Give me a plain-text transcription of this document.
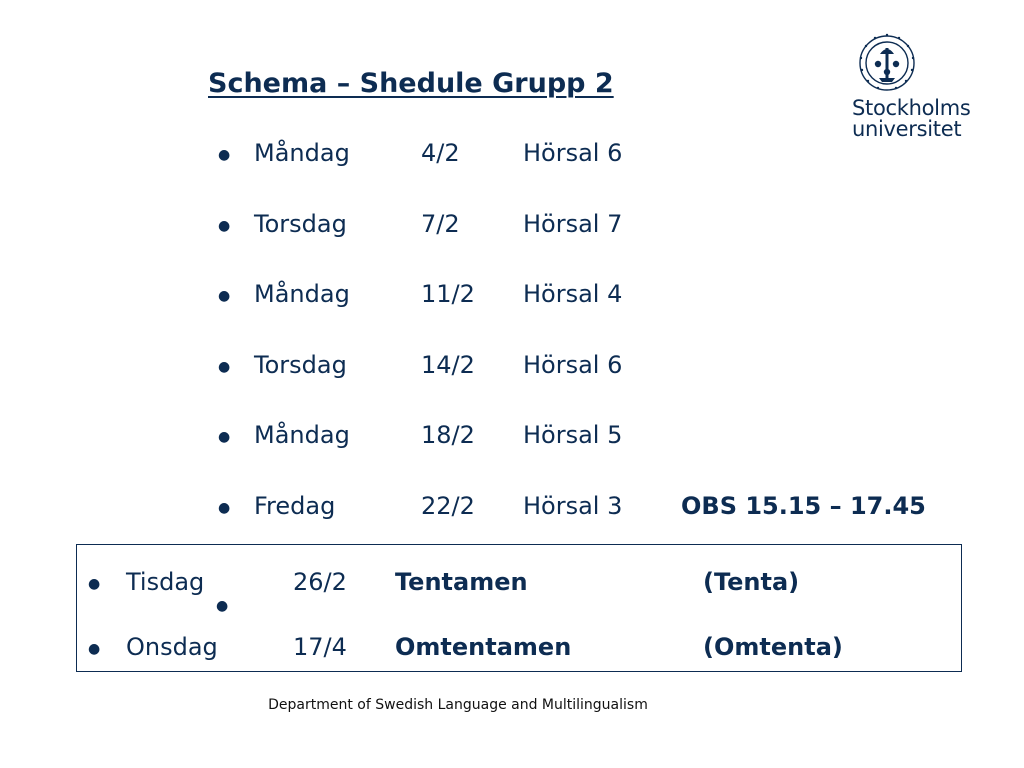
Schema – Shedule Grupp 2
Stockholms
universitet
● Måndag	4/2	Hörsal 6
● Torsdag	7/2	Hörsal 7
● Måndag	11/2 Hörsal 4
● Torsdag	14/2 Hörsal 6
● Måndag	18/2 Hörsal 5
● Fredag	22/2 Hörsal 3 OBS 15.15 – 17.45
● Tisdag	26/2 Tentamen	(Tenta)
●
● Onsdag	17/4 Omtentamen	(Omtenta)
Department of Swedish Language and Multilingualism
